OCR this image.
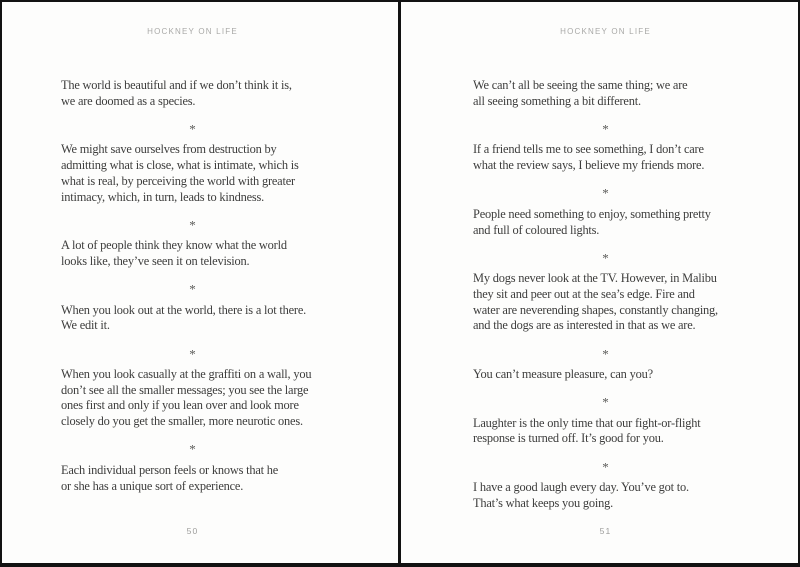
HOCKNEY ON LIFE
The world is beautiful and if we don’t think it is,
we are doomed as a species.
*
We might save ourselves from destruction by
admitting what is close, what is intimate, which is
what is real, by perceiving the world with greater
intimacy, which, in turn, leads to kindness.
*
A lot of people think they know what the world
looks like, they’ve seen it on television.
*
When you look out at the world, there is a lot there.
We edit it.
*
When you look casually at the graffiti on a wall, you
don’t see all the smaller messages; you see the large
ones first and only if you lean over and look more
closely do you get the smaller, more neurotic ones.
*
Each individual person feels or knows that he
or she has a unique sort of experience.
50
HOCKNEY ON LIFE
We can’t all be seeing the same thing; we are
all seeing something a bit different.
*
If a friend tells me to see something, I don’t care
what the review says, I believe my friends more.
*
People need something to enjoy, something pretty
and full of coloured lights.
*
My dogs never look at the TV. However, in Malibu
they sit and peer out at the sea’s edge. Fire and
water are neverending shapes, constantly changing,
and the dogs are as interested in that as we are.
*
You can’t measure pleasure, can you?
*
Laughter is the only time that our fight-or-flight
response is turned off. It’s good for you.
*
I have a good laugh every day. You’ve got to.
That’s what keeps you going.
51
